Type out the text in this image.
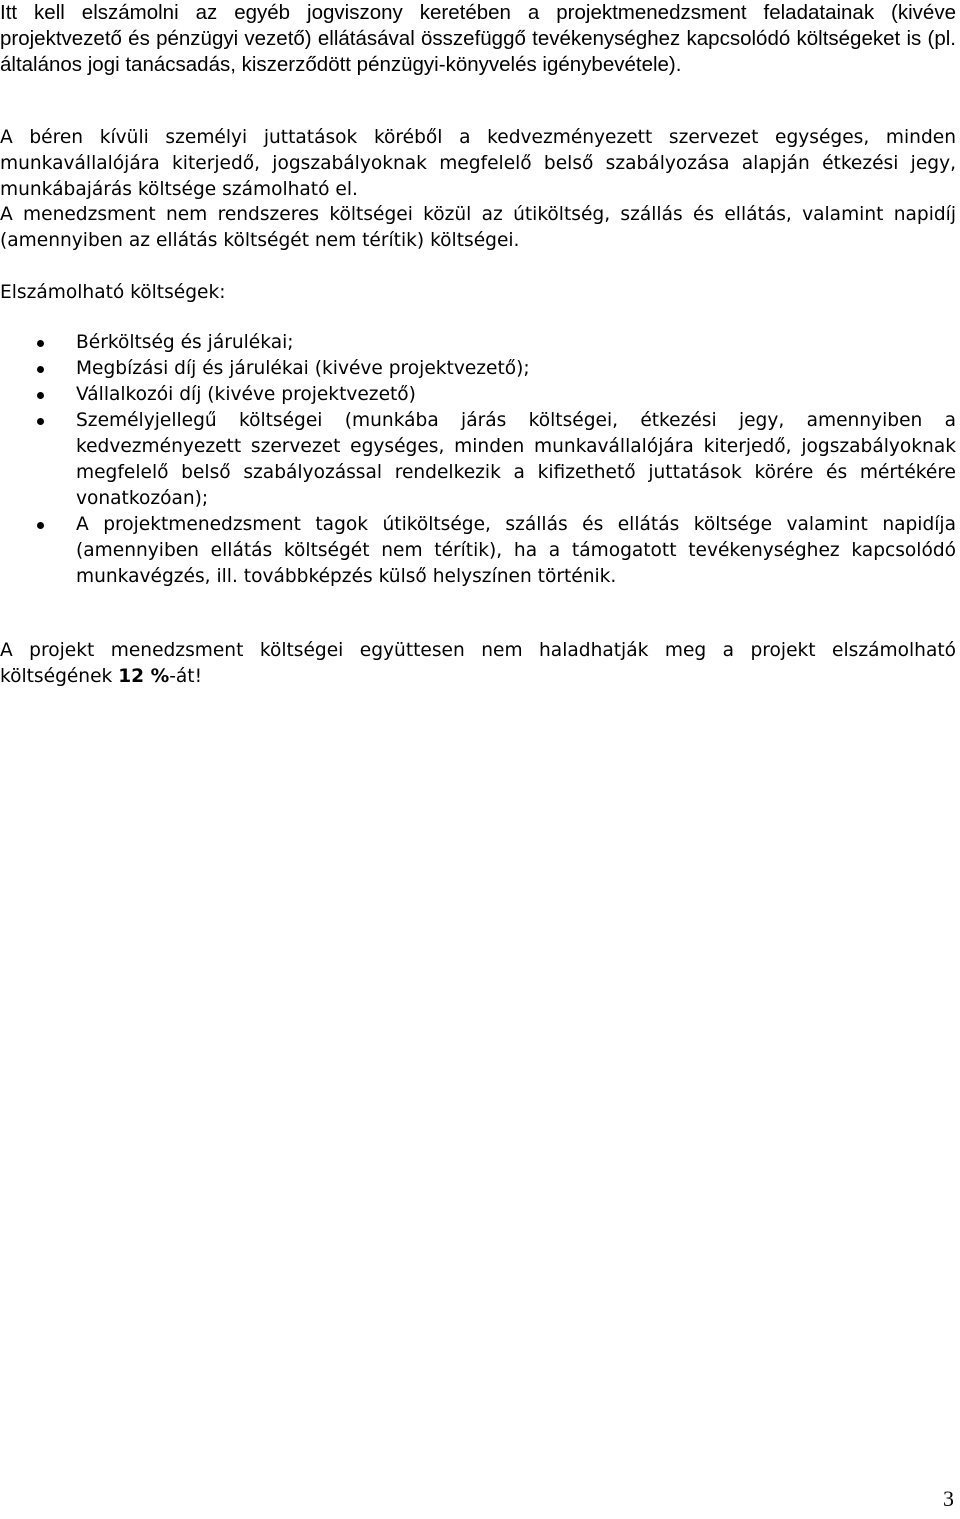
Itt kell elszámolni az egyéb jogviszony keretében a projektmenedzsment feladatainak (kivéve projektvezető és pénzügyi vezető) ellátásával összefüggő tevékenységhez kapcsolódó költségeket is (pl. általános jogi tanácsadás, kiszerződött pénzügyi-könyvelés igénybevétele).

A béren kívüli személyi juttatások köréből a kedvezményezett szervezet egységes, minden munkavállalójára kiterjedő, jogszabályoknak megfelelő belső szabályozása alapján étkezési jegy, munkábajárás költsége számolható el.

A menedzsment nem rendszeres költségei közül az útiköltség, szállás és ellátás, valamint napidíj (amennyiben az ellátás költségét nem térítik) költségei.

Elszámolható költségek:

Bérköltség és járulékai;
Megbízási díj és járulékai (kivéve projektvezető);
Vállalkozói díj (kivéve projektvezető)
Személyjellegű költségei (munkába járás költségei, étkezési jegy, amennyiben a kedvezményezett szervezet egységes, minden munkavállalójára kiterjedő, jogszabályoknak megfelelő belső szabályozással rendelkezik a kifizethető juttatások körére és mértékére vonatkozóan);
A projektmenedzsment tagok útiköltsége, szállás és ellátás költsége valamint napidíja (amennyiben ellátás költségét nem térítik), ha a támogatott tevékenységhez kapcsolódó munkavégzés, ill. továbbképzés külső helyszínen történik.

A projekt menedzsment költségei együttesen nem haladhatják meg a projekt elszámolható költségének 12 %-át!

3
